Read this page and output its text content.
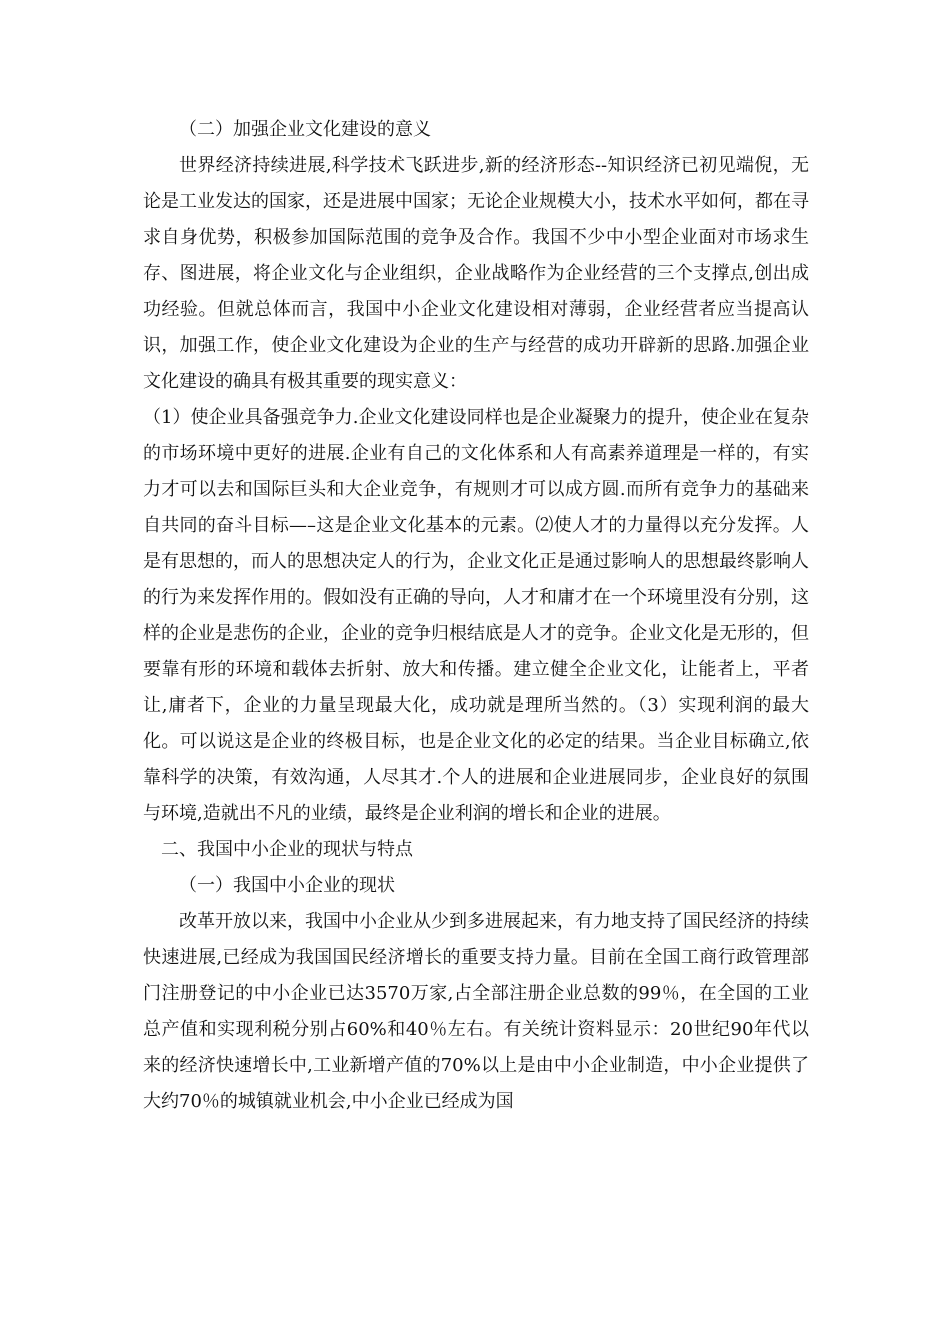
（二）加强企业文化建设的意义

世界经济持续进展,科学技术飞跃进步,新的经济形态--知识经济已初见端倪，无论是工业发达的国家，还是进展中国家；无论企业规模大小，技术水平如何，都在寻求自身优势，积极参加国际范围的竞争及合作。我国不少中小型企业面对市场求生存、图进展，将企业文化与企业组织，企业战略作为企业经营的三个支撑点,创出成功经验。但就总体而言，我国中小企业文化建设相对薄弱，企业经营者应当提高认识，加强工作，使企业文化建设为企业的生产与经营的成功开辟新的思路.加强企业文化建设的确具有极其重要的现实意义：

（1）使企业具备强竞争力.企业文化建设同样也是企业凝聚力的提升，使企业在复杂的市场环境中更好的进展.企业有自己的文化体系和人有高素养道理是一样的，有实力才可以去和国际巨头和大企业竞争，有规则才可以成方圆.而所有竞争力的基础来自共同的奋斗目标—–这是企业文化基本的元素。⑵使人才的力量得以充分发挥。人是有思想的，而人的思想决定人的行为，企业文化正是通过影响人的思想最终影响人的行为来发挥作用的。假如没有正确的导向，人才和庸才在一个环境里没有分别，这样的企业是悲伤的企业，企业的竞争归根结底是人才的竞争。企业文化是无形的，但要靠有形的环境和载体去折射、放大和传播。建立健全企业文化，让能者上，平者让,庸者下，企业的力量呈现最大化，成功就是理所当然的。（3）实现利润的最大化。可以说这是企业的终极目标，也是企业文化的必定的结果。当企业目标确立,依靠科学的决策，有效沟通，人尽其才.个人的进展和企业进展同步，企业良好的氛围与环境,造就出不凡的业绩，最终是企业利润的增长和企业的进展。

二、我国中小企业的现状与特点

（一）我国中小企业的现状

改革开放以来，我国中小企业从少到多进展起来，有力地支持了国民经济的持续快速进展,已经成为我国国民经济增长的重要支持力量。目前在全国工商行政管理部门注册登记的中小企业已达3570万家,占全部注册企业总数的99％，在全国的工业总产值和实现利税分别占60%和40％左右。有关统计资料显示：20世纪90年代以来的经济快速增长中,工业新增产值的70%以上是由中小企业制造，中小企业提供了大约70％的城镇就业机会,中小企业已经成为国
